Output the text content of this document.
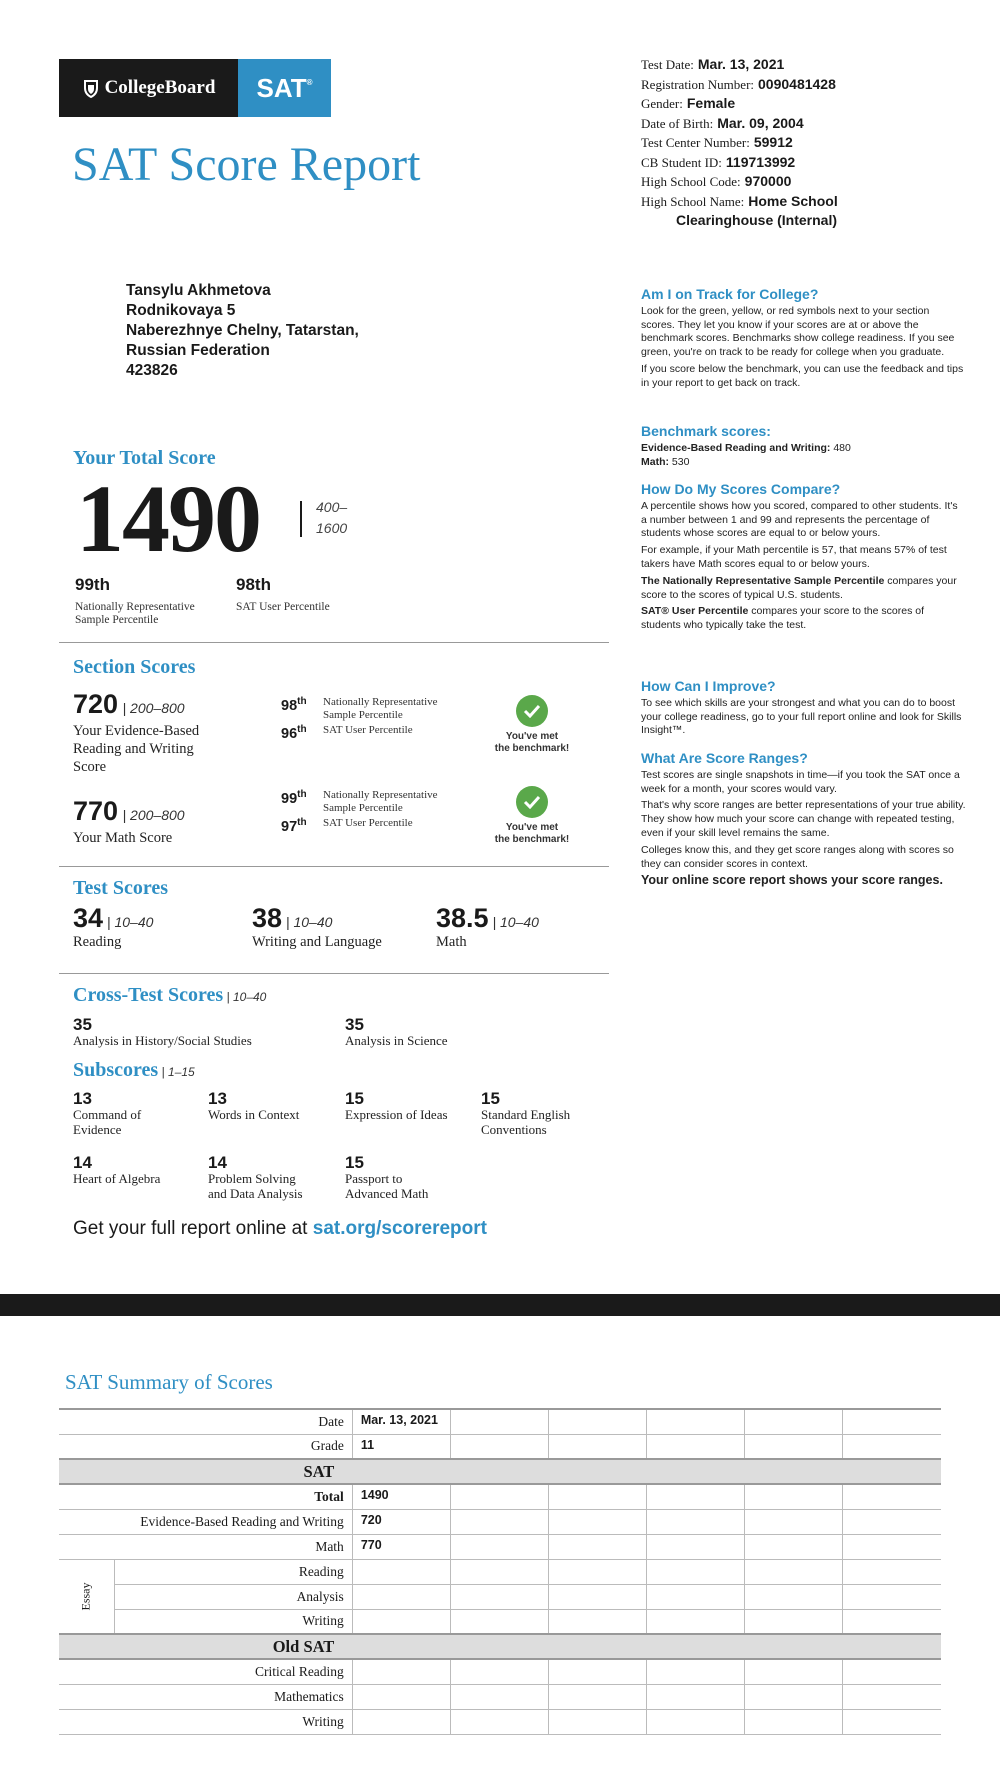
CollegeBoard SAT®
SAT Score Report
Test Date: Mar. 13, 2021
Registration Number: 0090481428
Gender: Female
Date of Birth: Mar. 09, 2004
Test Center Number: 59912
CB Student ID: 119713992
High School Code: 970000
High School Name: Home School
Clearinghouse (Internal)
Tansylu Akhmetova
Rodnikovaya 5
Naberezhnye Chelny, Tatarstan,
Russian Federation
423826
Your Total Score
1490	400–
1600
99th
Nationally Representative
Sample Percentile
98th
SAT User Percentile
Section Scores
720 | 200–800
Your Evidence-Based
Reading and Writing
Score
98th	Nationally Representative
Sample Percentile
96th	SAT User Percentile
You've met
the benchmark!
770 | 200–800
Your Math Score
99th	Nationally Representative
Sample Percentile
97th	SAT User Percentile	You've met
the benchmark!
Test Scores
34 | 10–40
Reading
38 | 10–40
Writing and Language
38.5 | 10–40
Math
Cross-Test Scores | 10–40
35
Analysis in History/Social Studies
35
Analysis in Science
Subscores | 1–15
13
Command of
Evidence
13
Words in Context
15
Expression of Ideas
15
Standard English
Conventions
14
Heart of Algebra
14
Problem Solving
and Data Analysis
15
Passport to
Advanced Math
Get your full report online at sat.org/scorereport
Am I on Track for College?

Look for the green, yellow, or red symbols next to your section scores. They let you know if your scores are at or above the benchmark scores. Benchmarks show college readiness. If you see green, you're on track to be ready for college when you graduate.

If you score below the benchmark, you can use the feedback and tips in your report to get back on track.

Benchmark scores:
Evidence-Based Reading and Writing: 480
Math: 530
How Do My Scores Compare?

A percentile shows how you scored, compared to other students. It's a number between 1 and 99 and represents the percentage of students whose scores are equal to or below yours.

For example, if your Math percentile is 57, that means 57% of test takers have Math scores equal to or below yours.

The Nationally Representative Sample Percentile compares your score to the scores of typical U.S. students.

SAT® User Percentile compares your score to the scores of students who typically take the test.

How Can I Improve?

To see which skills are your strongest and what you can do to boost your college readiness, go to your full report online and look for Skills Insight™.

What Are Score Ranges?

Test scores are single snapshots in time—if you took the SAT once a week for a month, your scores would vary.

That's why score ranges are better representations of your true ability. They show how much your score can change with repeated testing, even if your skill level remains the same.

Colleges know this, and they get score ranges along with scores so they can consider scores in context.

Your online score report shows your score ranges.

SAT Summary of Scores
Date		Mar. 13, 2021					
Grade		11					
SAT							
Total		1490					
Evidence-Based Reading and Writing		720					
Math		770					
Essay	Reading						
	Analysis						
	Writing						
Old SAT							
Critical Reading							
Mathematics							
Writing							
